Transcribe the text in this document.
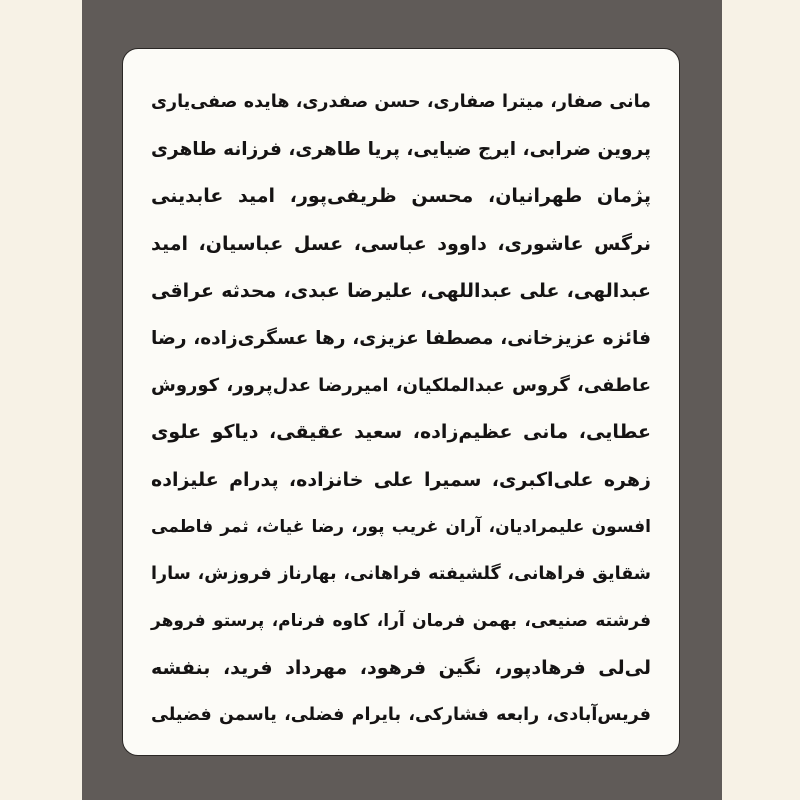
مانی صفار، میترا صفاری، حسن صفدری، هایده صفی‌یاری
پروین ضرابی، ایرج ضیایی، پریا طاهری، فرزانه طاهری
پژمان طهرانیان، محسن ظریفی‌پور، امید عابدینی
نرگس عاشوری، داوود عباسی، عسل عباسیان، امید
عبدالهی، علی عبداللهی، علیرضا عبدی، محدثه عراقی
فائزه عزیزخانی، مصطفا عزیزی، رها عسگری‌زاده، رضا
عاطفی، گروس عبدالملکیان، امیررضا عدل‌پرور، کوروش
عطایی، مانی عظیم‌زاده، سعید عقیقی، دیاکو علوی
زهره علی‌اکبری، سمیرا علی خانزاده، پدرام علیزاده
افسون علیمرادیان، آران غریب پور، رضا غیاث، ثمر فاطمی
شقایق فراهانی، گلشیفته فراهانی، بهارناز فروزش، سارا
فرشته صنیعی، بهمن فرمان آرا، کاوه فرنام، پرستو فروهر
لی‌لی فرهادپور، نگین فرهود، مهرداد فرید، بنفشه
فریس‌آبادی، رابعه فشارکی، بایرام فضلی، یاسمن فضیلی
